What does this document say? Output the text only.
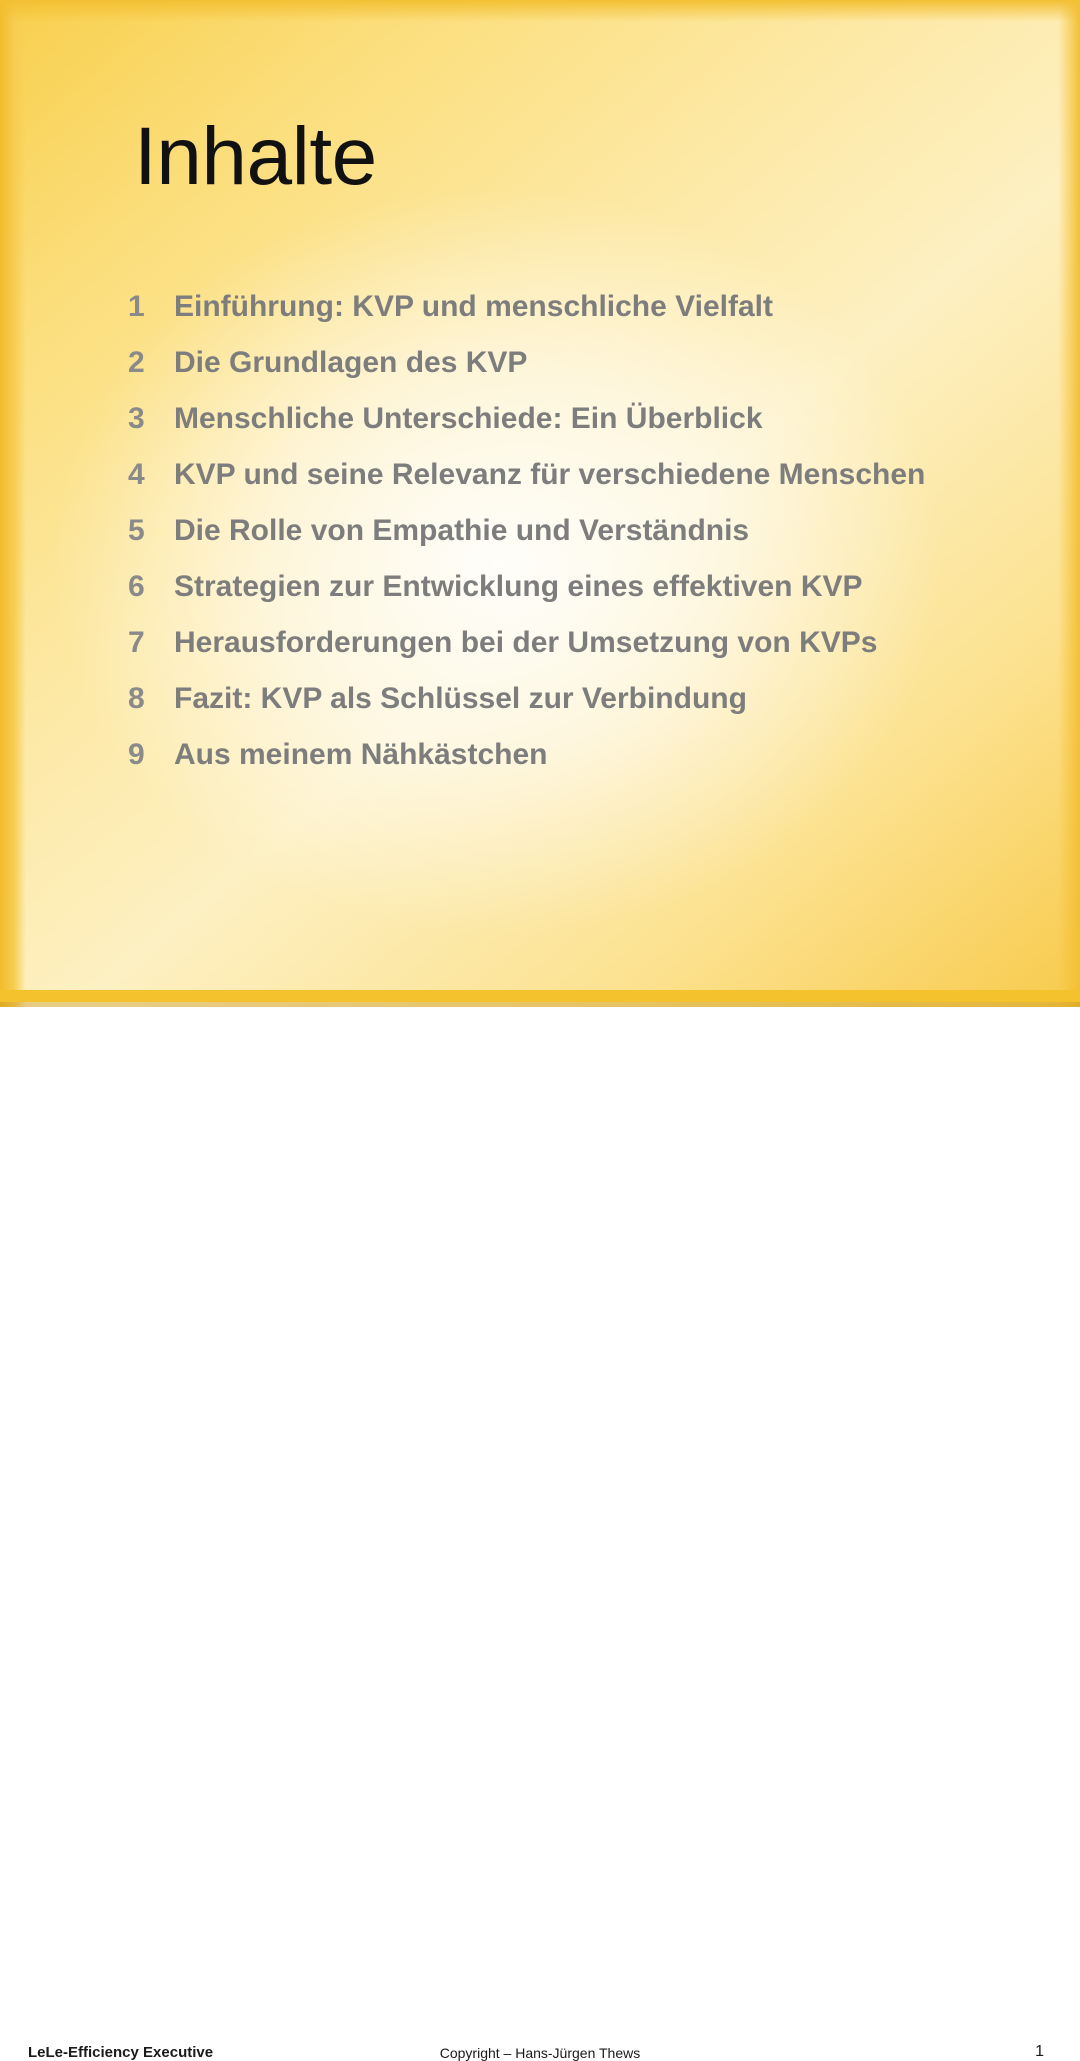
Inhalte
1 Einführung: KVP und menschliche Vielfalt
2 Die Grundlagen des KVP
3 Menschliche Unterschiede: Ein Überblick
4 KVP und seine Relevanz für verschiedene Menschen
5 Die Rolle von Empathie und Verständnis
6 Strategien zur Entwicklung eines effektiven KVP
7 Herausforderungen bei der Umsetzung von KVPs
8 Fazit: KVP als Schlüssel zur Verbindung
9 Aus meinem Nähkästchen
LeLe-Efficiency Executive	Copyright – Hans-Jürgen Thews	1
